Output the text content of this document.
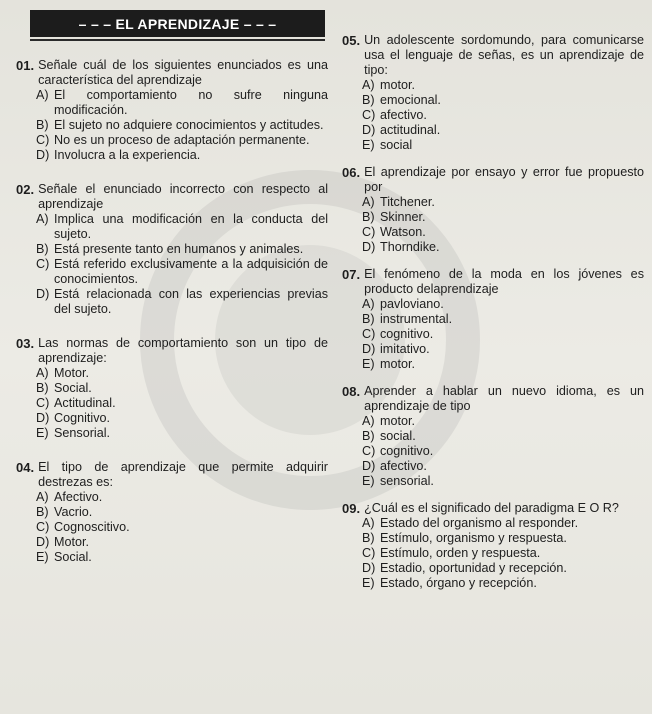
– – – EL APRENDIZAJE – – –
01. Señale cuál de los siguientes enunciados es una característica del aprendizaje
A) El comportamiento no sufre ninguna modificación.
B) El sujeto no adquiere conocimientos y actitudes.
C) No es un proceso de adaptación permanente.
D) Involucra a la experiencia.
02. Señale el enunciado incorrecto con respecto al aprendizaje
A) Implica una modificación en la conducta del sujeto.
B) Está presente tanto en humanos y animales.
C) Está referido exclusivamente a la adquisición de conocimientos.
D) Está relacionada con las experiencias previas del sujeto.
03. Las normas de comportamiento son un tipo de aprendizaje:
A) Motor.
B) Social.
C) Actitudinal.
D) Cognitivo.
E) Sensorial.
04. El tipo de aprendizaje que permite adquirir destrezas es:
A) Afectivo.
B) Vacrio.
C) Cognoscitivo.
D) Motor.
E) Social.
05. Un adolescente sordomundo, para comunicarse usa el lenguaje de señas, es un aprendizaje de tipo:
A) motor.
B) emocional.
C) afectivo.
D) actitudinal.
E) social
06. El aprendizaje por ensayo y error fue propuesto por
A) Titchener.
B) Skinner.
C) Watson.
D) Thorndike.
07. El fenómeno de la moda en los jóvenes es producto delaprendizaje
A) pavloviano.
B) instrumental.
C) cognitivo.
D) imitativo.
E) motor.
08. Aprender a hablar un nuevo idioma, es un aprendizaje de tipo
A) motor.
B) social.
C) cognitivo.
D) afectivo.
E) sensorial.
09. ¿Cuál es el significado del paradigma E O R?
A) Estado del organismo al responder.
B) Estímulo, organismo y respuesta.
C) Estímulo, orden y respuesta.
D) Estadio, oportunidad y recepción.
E) Estado, órgano y recepción.
